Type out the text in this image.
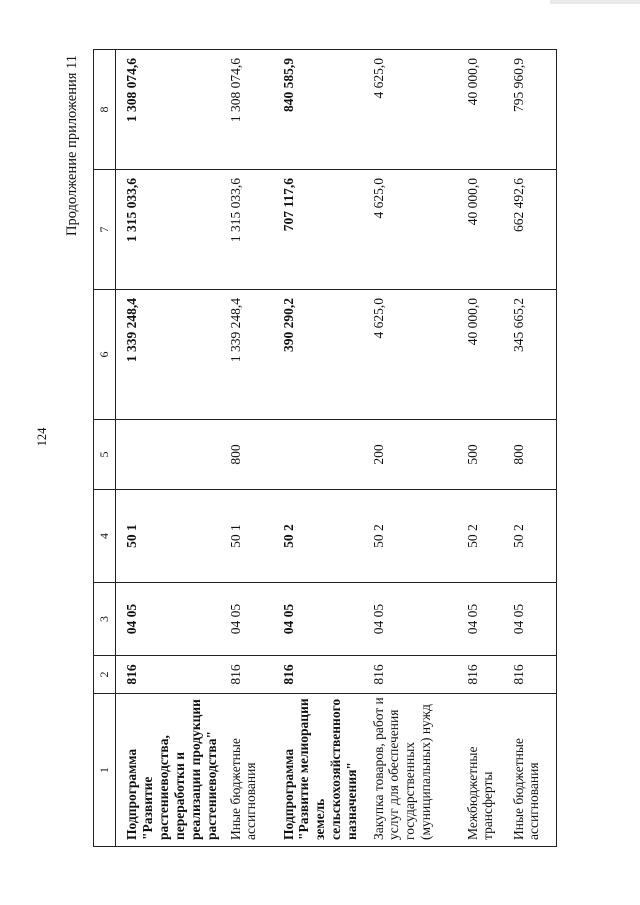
124
Продолжение приложения 11
1	2	3	4	5	6	7	8
Подпрограмма "Развитие растениеводства, переработки и реализации продукции растениеводства"	816	04 05	50 1		1 339 248,4	1 315 033,6	1 308 074,6
Иные бюджетные ассигнования	816	04 05	50 1	800	1 339 248,4	1 315 033,6	1 308 074,6
Подпрограмма "Развитие мелиорации земель сельскохозяйственного назначения"	816	04 05	50 2		390 290,2	707 117,6	840 585,9
Закупка товаров, работ и услуг для обеспечения государственных (муниципальных) нужд	816	04 05	50 2	200	4 625,0	4 625,0	4 625,0
Межбюджетные трансферты	816	04 05	50 2	500	40 000,0	40 000,0	40 000,0
Иные бюджетные ассигнования	816	04 05	50 2	800	345 665,2	662 492,6	795 960,9
